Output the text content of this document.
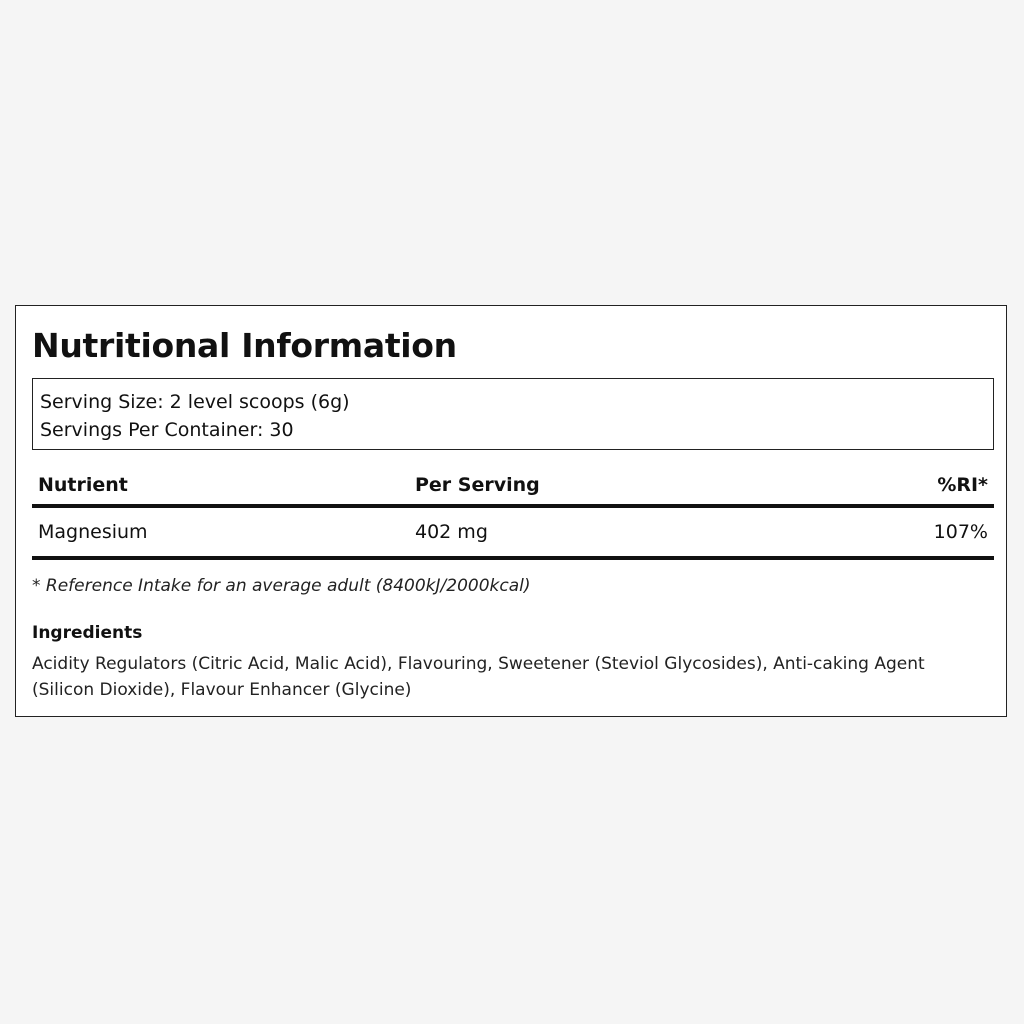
Nutritional Information
Serving Size: 2 level scoops (6g)
Servings Per Container: 30
Nutrient	Per Serving	%RI*
Magnesium	402 mg	107%
* Reference Intake for an average adult (8400kJ/2000kcal)
Ingredients
Acidity Regulators (Citric Acid, Malic Acid), Flavouring, Sweetener (Steviol Glycosides), Anti-caking Agent (Silicon Dioxide), Flavour Enhancer (Glycine)
